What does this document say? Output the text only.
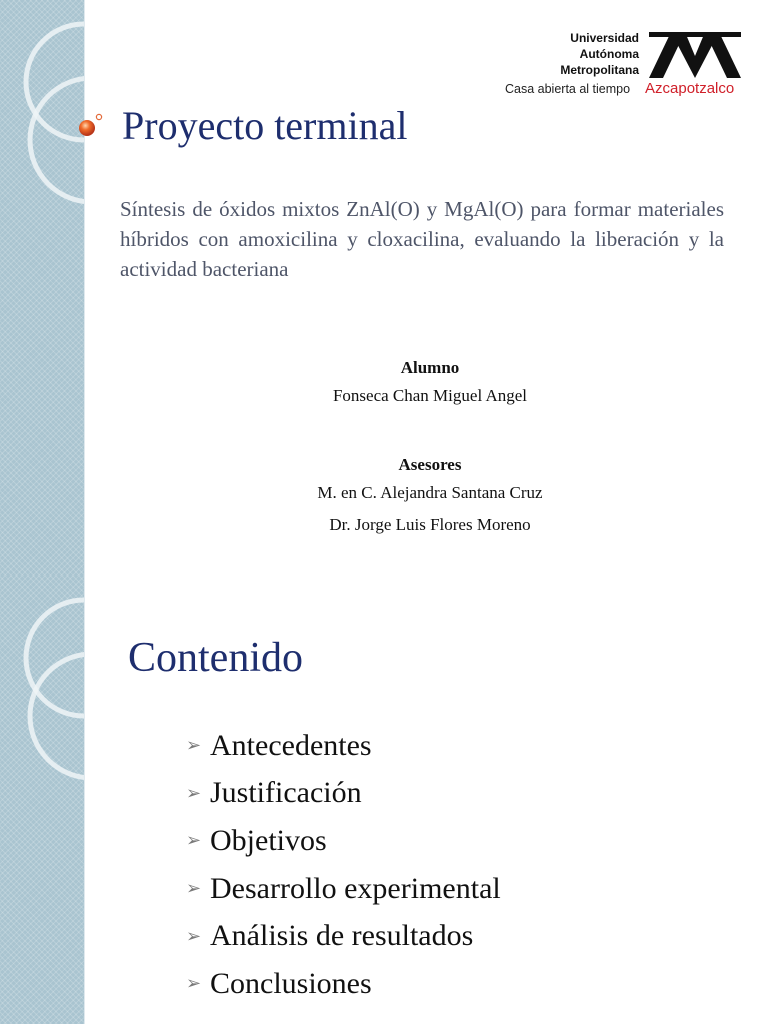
Universidad
Autónoma
Metropolitana
Casa abierta al tiempo Azcapotzalco
Proyecto terminal

Síntesis de óxidos mixtos ZnAl(O) y MgAl(O) para formar materiales híbridos con amoxicilina y cloxacilina, evaluando la liberación y la actividad bacteriana

Alumno
Fonseca Chan Miguel Angel
Asesores
M. en C. Alejandra Santana Cruz
Dr. Jorge Luis Flores Moreno
Contenido
➢ Antecedentes
➢ Justificación
➢ Objetivos
➢ Desarrollo experimental
➢ Análisis de resultados
➢ Conclusiones
